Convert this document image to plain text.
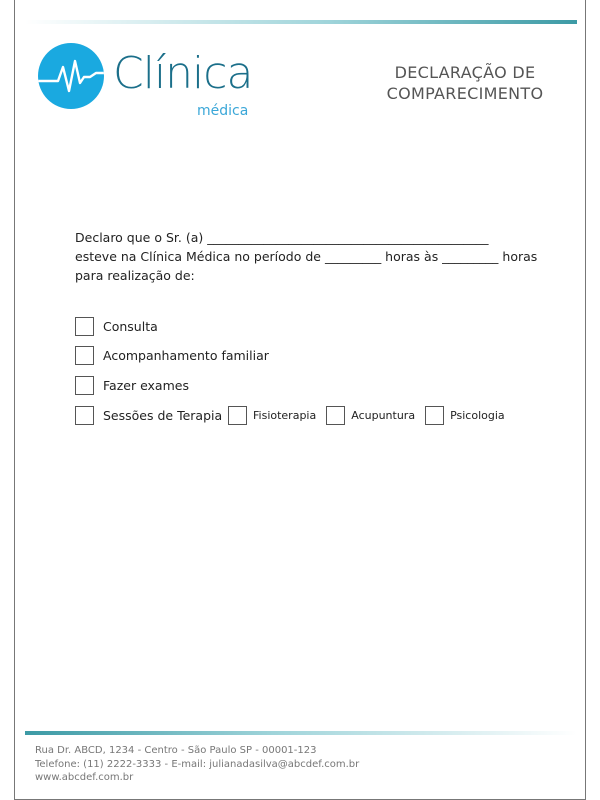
Clínica
médica
DECLARAÇÃO DE
COMPARECIMENTO
Declaro que o Sr. (a) _____________________________________________
esteve na Clínica Médica no período de _________ horas às _________ horas
para realização de:
Consulta
Acompanhamento familiar
Fazer exames
Sessões de Terapia	Fisioterapia	Acupuntura	Psicologia
Rua Dr. ABCD, 1234 - Centro - São Paulo SP - 00001-123
Telefone: (11) 2222-3333 - E-mail: julianadasilva@abcdef.com.br
www.abcdef.com.br
